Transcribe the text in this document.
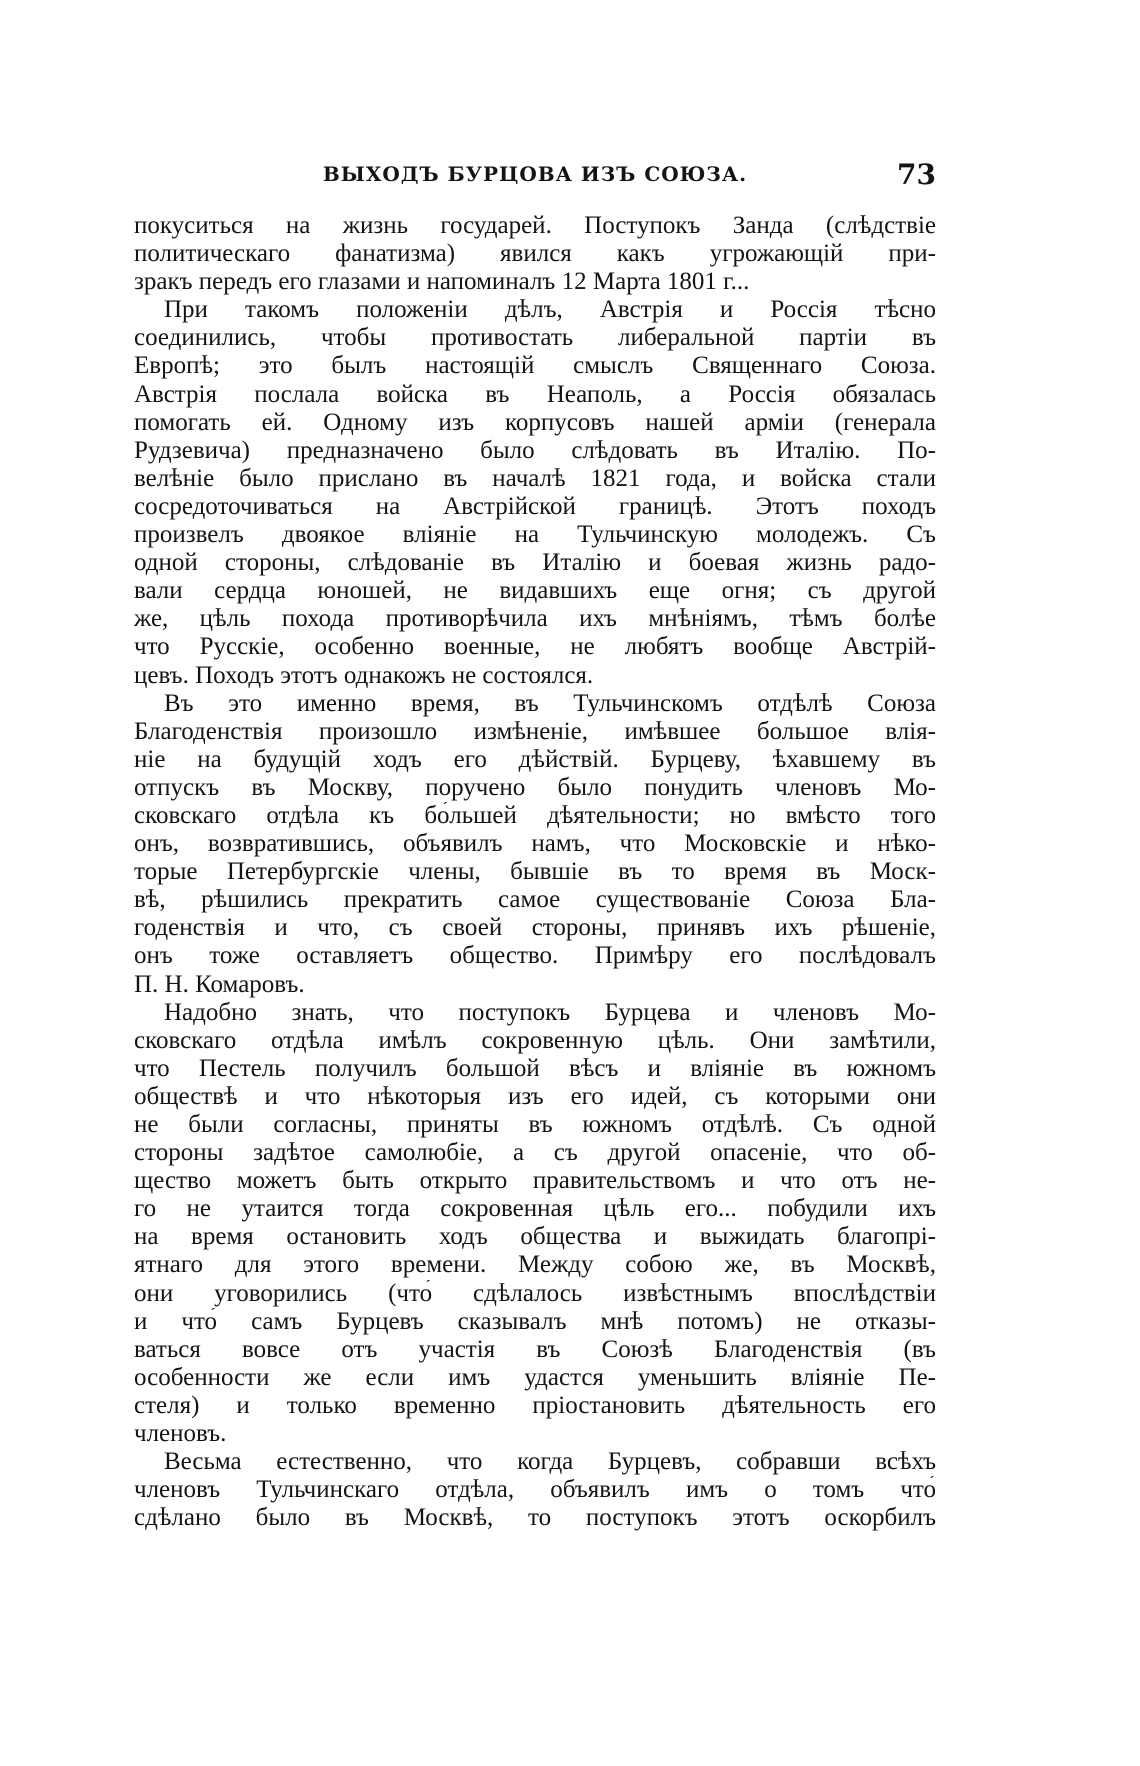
ВЫХОДЪ БУРЦОВА ИЗЪ СОЮЗА.	73
покуситься на жизнь государей. Поступокъ Занда (слѣдствіе
политическаго фанатизма) явился какъ угрожающій при-
зракъ передъ его глазами и напоминалъ 12 Марта 1801 г...
При такомъ положеніи дѣлъ, Австрія и Россія тѣсно
соединились, чтобы противостать либеральной партіи въ
Европѣ; это былъ настоящій смыслъ Священнаго Союза.
Австрія послала войска въ Неаполь, а Россія обязалась
помогать ей. Одному изъ корпусовъ нашей арміи (генерала
Рудзевича) предназначено было слѣдовать въ Италію. По-
велѣніе было прислано въ началѣ 1821 года, и войска стали
сосредоточиваться на Австрійской границѣ. Этотъ походъ
произвелъ двоякое вліяніе на Тульчинскую молодежъ. Съ
одной стороны, слѣдованіе въ Италію и боевая жизнь радо-
вали сердца юношей, не видавшихъ еще огня; съ другой
же, цѣль похода противорѣчила ихъ мнѣніямъ, тѣмъ болѣе
что Русскіе, особенно военные, не любятъ вообще Австрій-
цевъ. Походъ этотъ однакожъ не состоялся.
Въ это именно время, въ Тульчинскомъ отдѣлѣ Союза
Благоденствія произошло измѣненіе, имѣвшее большое влія-
ніе на будущій ходъ его дѣйствій. Бурцеву, ѣхавшему въ
отпускъ въ Москву, поручено было понудить членовъ Мо-
сковскаго отдѣла къ бо́льшей дѣятельности; но вмѣсто того
онъ, возвратившись, объявилъ намъ, что Московскіе и нѣко-
торые Петербургскіе члены, бывшіе въ то время въ Моск-
вѣ, рѣшились прекратить самое существованіе Союза Бла-
годенствія и что, съ своей стороны, принявъ ихъ рѣшеніе,
онъ тоже оставляетъ общество. Примѣру его послѣдовалъ
П. Н. Комаровъ.
Надобно знать, что поступокъ Бурцева и членовъ Мо-
сковскаго отдѣла имѣлъ сокровенную цѣль. Они замѣтили,
что Пестель получилъ большой вѣсъ и вліяніе въ южномъ
обществѣ и что нѣкоторыя изъ его идей, съ которыми они
не были согласны, приняты въ южномъ отдѣлѣ. Съ одной
стороны задѣтое самолюбіе, а съ другой опасеніе, что об-
щество можетъ быть открыто правительствомъ и что отъ не-
го не утаится тогда сокровенная цѣль его... побудили ихъ
на время остановить ходъ общества и выжидать благопрі-
ятнаго для этого времени. Между собою же, въ Москвѣ,
они уговорились (что́ сдѣлалось извѣстнымъ впослѣдствіи
и что́ самъ Бурцевъ сказывалъ мнѣ потомъ) не отказы-
ваться вовсе отъ участія въ Союзѣ Благоденствія (въ
особенности же если имъ удастся уменьшить вліяніе Пе-
стеля) и только временно пріостановить дѣятельность его
членовъ.
Весьма естественно, что когда Бурцевъ, собравши всѣхъ
членовъ Тульчинскаго отдѣла, объявилъ имъ о томъ что́
сдѣлано было въ Москвѣ, то поступокъ этотъ оскорбилъ
